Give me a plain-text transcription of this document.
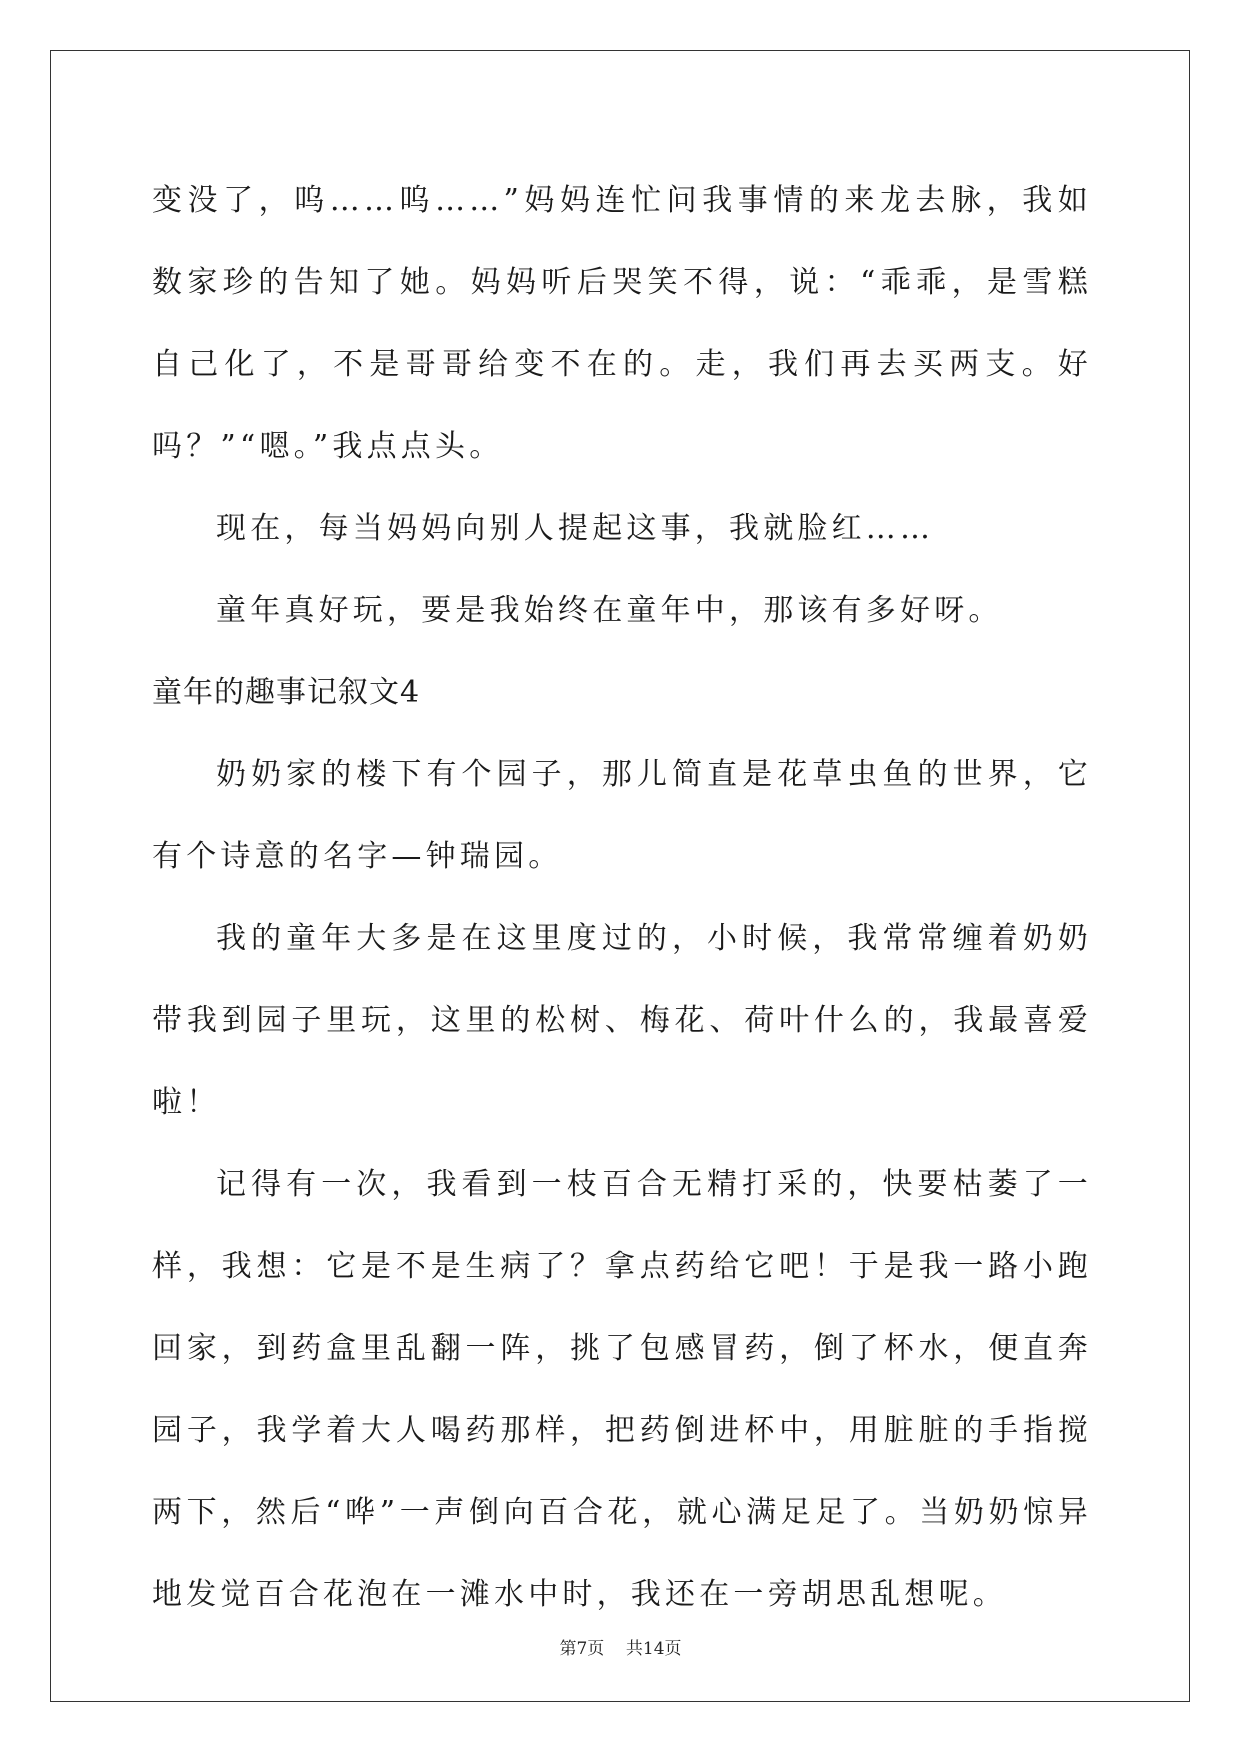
变没了，呜……呜……”妈妈连忙问我事情的来龙去脉，我如数家珍的告知了她。妈妈听后哭笑不得，说：“乖乖，是雪糕自己化了，不是哥哥给变不在的。走，我们再去买两支。好吗？”“嗯。”我点点头。

现在，每当妈妈向别人提起这事，我就脸红……

童年真好玩，要是我始终在童年中，那该有多好呀。

童年的趣事记叙文4

奶奶家的楼下有个园子，那儿简直是花草虫鱼的世界，它有个诗意的名字—钟瑞园。

我的童年大多是在这里度过的，小时候，我常常缠着奶奶带我到园子里玩，这里的松树、梅花、荷叶什么的，我最喜爱啦！

记得有一次，我看到一枝百合无精打采的，快要枯萎了一样，我想：它是不是生病了？拿点药给它吧！于是我一路小跑回家，到药盒里乱翻一阵，挑了包感冒药，倒了杯水，便直奔园子，我学着大人喝药那样，把药倒进杯中，用脏脏的手指搅两下，然后“哗”一声倒向百合花，就心满足足了。当奶奶惊异地发觉百合花泡在一滩水中时，我还在一旁胡思乱想呢。

第7页 共14页
